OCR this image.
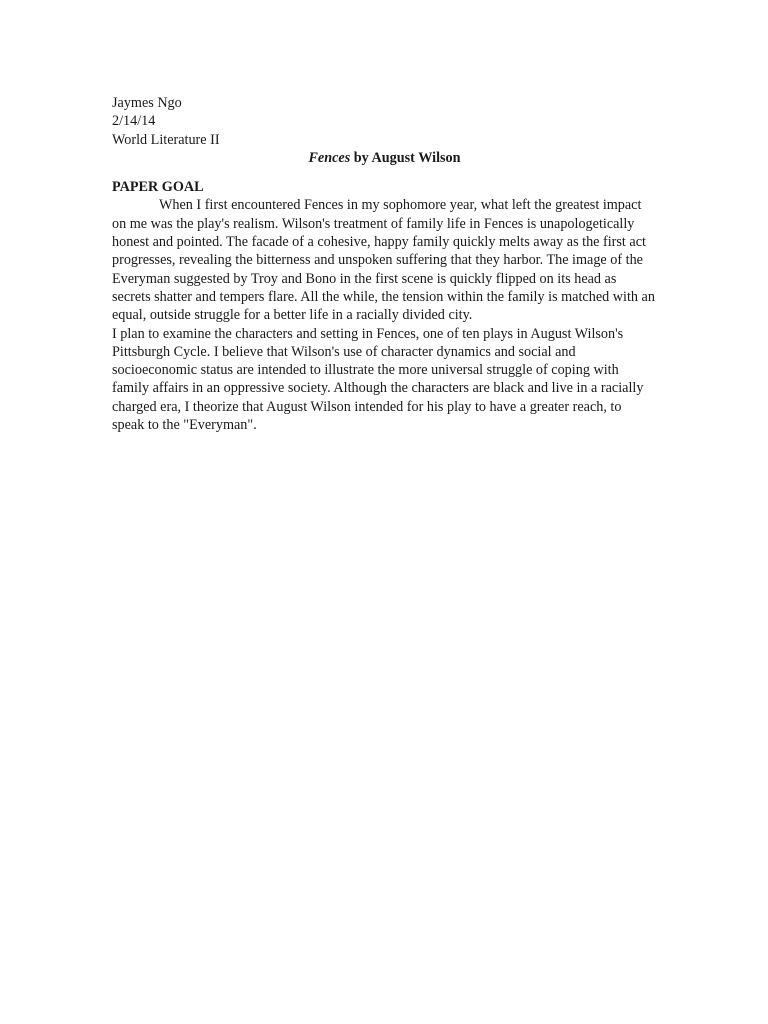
Jaymes Ngo
2/14/14
World Literature II

Fences by August Wilson

PAPER GOAL

When I first encountered Fences in my sophomore year, what left the greatest impact on me was the play's realism. Wilson's treatment of family life in Fences is unapologetically honest and pointed. The facade of a cohesive, happy family quickly melts away as the first act progresses, revealing the bitterness and unspoken suffering that they harbor. The image of the Everyman suggested by Troy and Bono in the first scene is quickly flipped on its head as secrets shatter and tempers flare. All the while, the tension within the family is matched with an equal, outside struggle for a better life in a racially divided city.

I plan to examine the characters and setting in Fences, one of ten plays in August Wilson's Pittsburgh Cycle. I believe that Wilson's use of character dynamics and social and socioeconomic status are intended to illustrate the more universal struggle of coping with family affairs in an oppressive society. Although the characters are black and live in a racially charged era, I theorize that August Wilson intended for his play to have a greater reach, to speak to the "Everyman".
